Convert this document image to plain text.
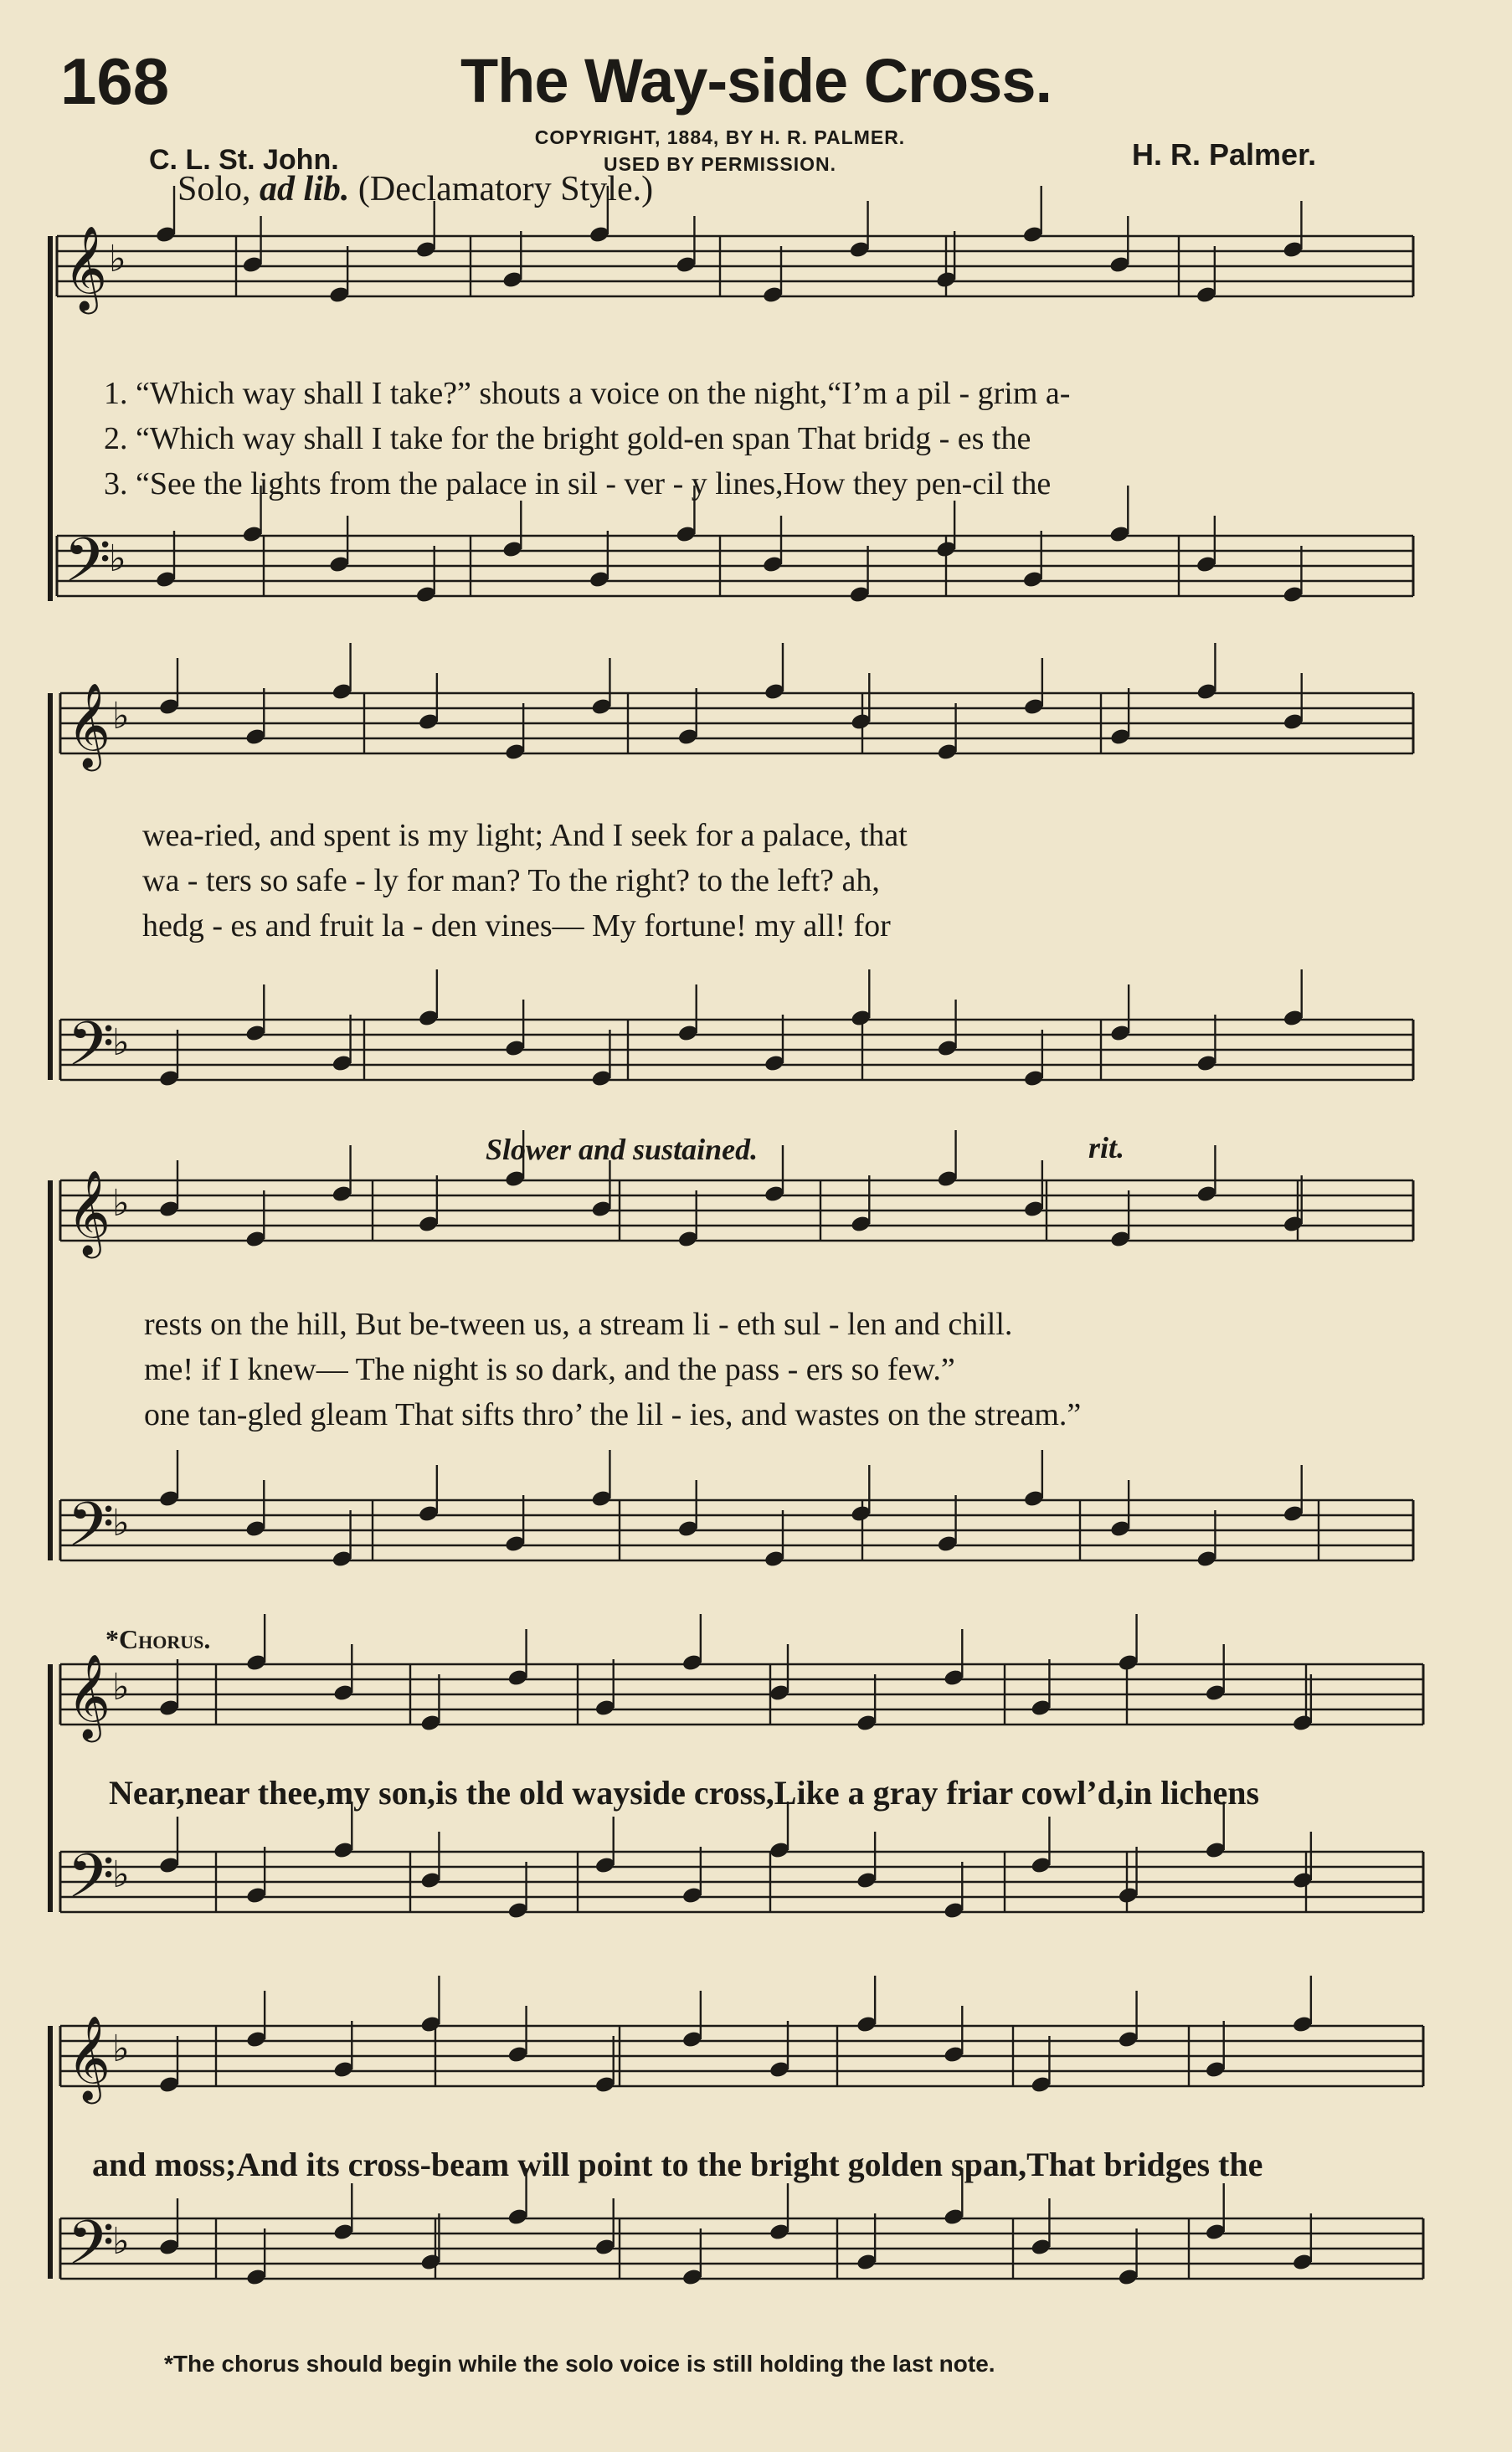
168	The Way-side Cross.
COPYRIGHT, 1884, BY H. R. PALMER.
USED BY PERMISSION.
C. L. St. John.	H. R. Palmer.
Solo, ad lib. (Declamatory Style.)
𝄞 ♭
𝄢
♭
𝄞 ♭
𝄢
♭
𝄞 ♭
𝄢
♭
𝄞 ♭
𝄢
♭
𝄞 ♭
𝄢
♭
1. “Which way shall I take?” shouts a voice on the night,“I’m a pil - grim a-
2. “Which way shall I take for the bright gold-en span That bridg - es the
3. “See the lights from the palace in sil - ver - y lines,How they pen-cil the
wea-ried, and spent is my light; And I seek for a palace, that
wa - ters so safe - ly for man? To the right? to the left? ah,
hedg - es and fruit la - den vines— My fortune! my all! for
Slower and sustained.	rit.
rests on the hill, But be-tween us, a stream li - eth sul - len and chill.
me! if I knew— The night is so dark, and the pass - ers so few.”
one tan-gled gleam That sifts thro’ the lil - ies, and wastes on the stream.”
*Chorus.
Near,near thee,my son,is the old wayside cross,Like a gray friar cowl’d,in lichens
and moss;And its cross-beam will point to the bright golden span,That bridges the
*The chorus should begin while the solo voice is still holding the last note.
